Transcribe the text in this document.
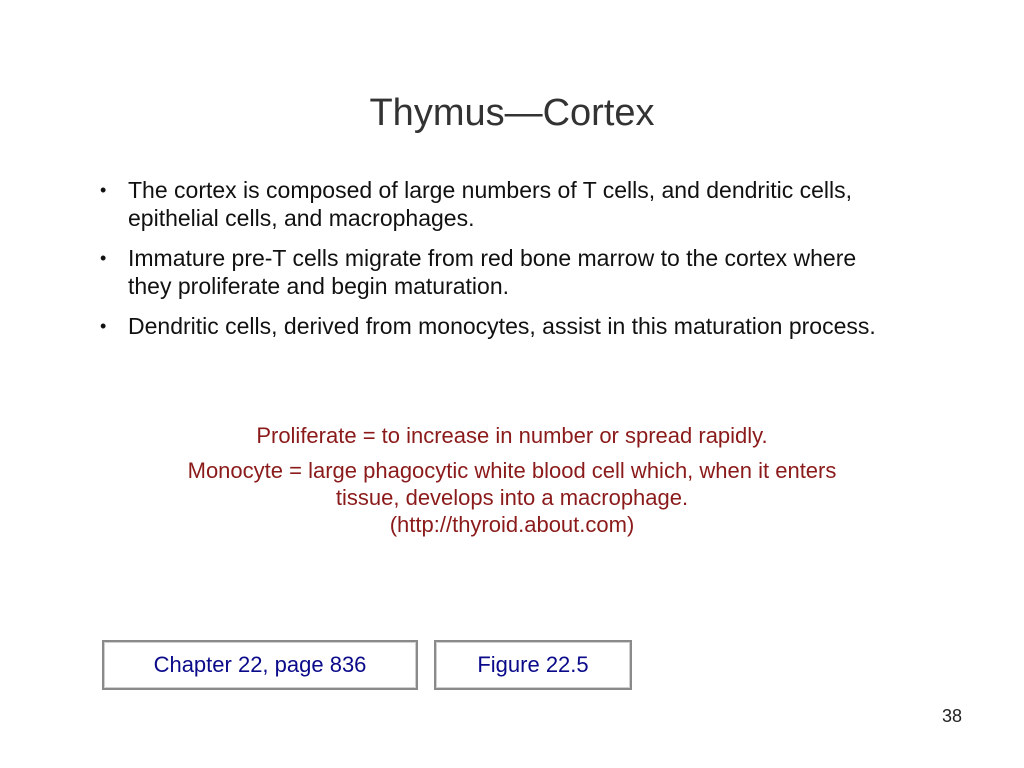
Thymus—Cortex
• The cortex is composed of large numbers of T cells, and dendritic cells, epithelial cells, and macrophages.
• Immature pre-T cells migrate from red bone marrow to the cortex where they proliferate and begin maturation.
• Dendritic cells, derived from monocytes, assist in this maturation process.

Proliferate = to increase in number or spread rapidly.

Monocyte = large phagocytic white blood cell which, when it enters tissue, develops into a macrophage.
(http://thyroid.about.com)
Chapter 22, page 836	Figure 22.5
38
